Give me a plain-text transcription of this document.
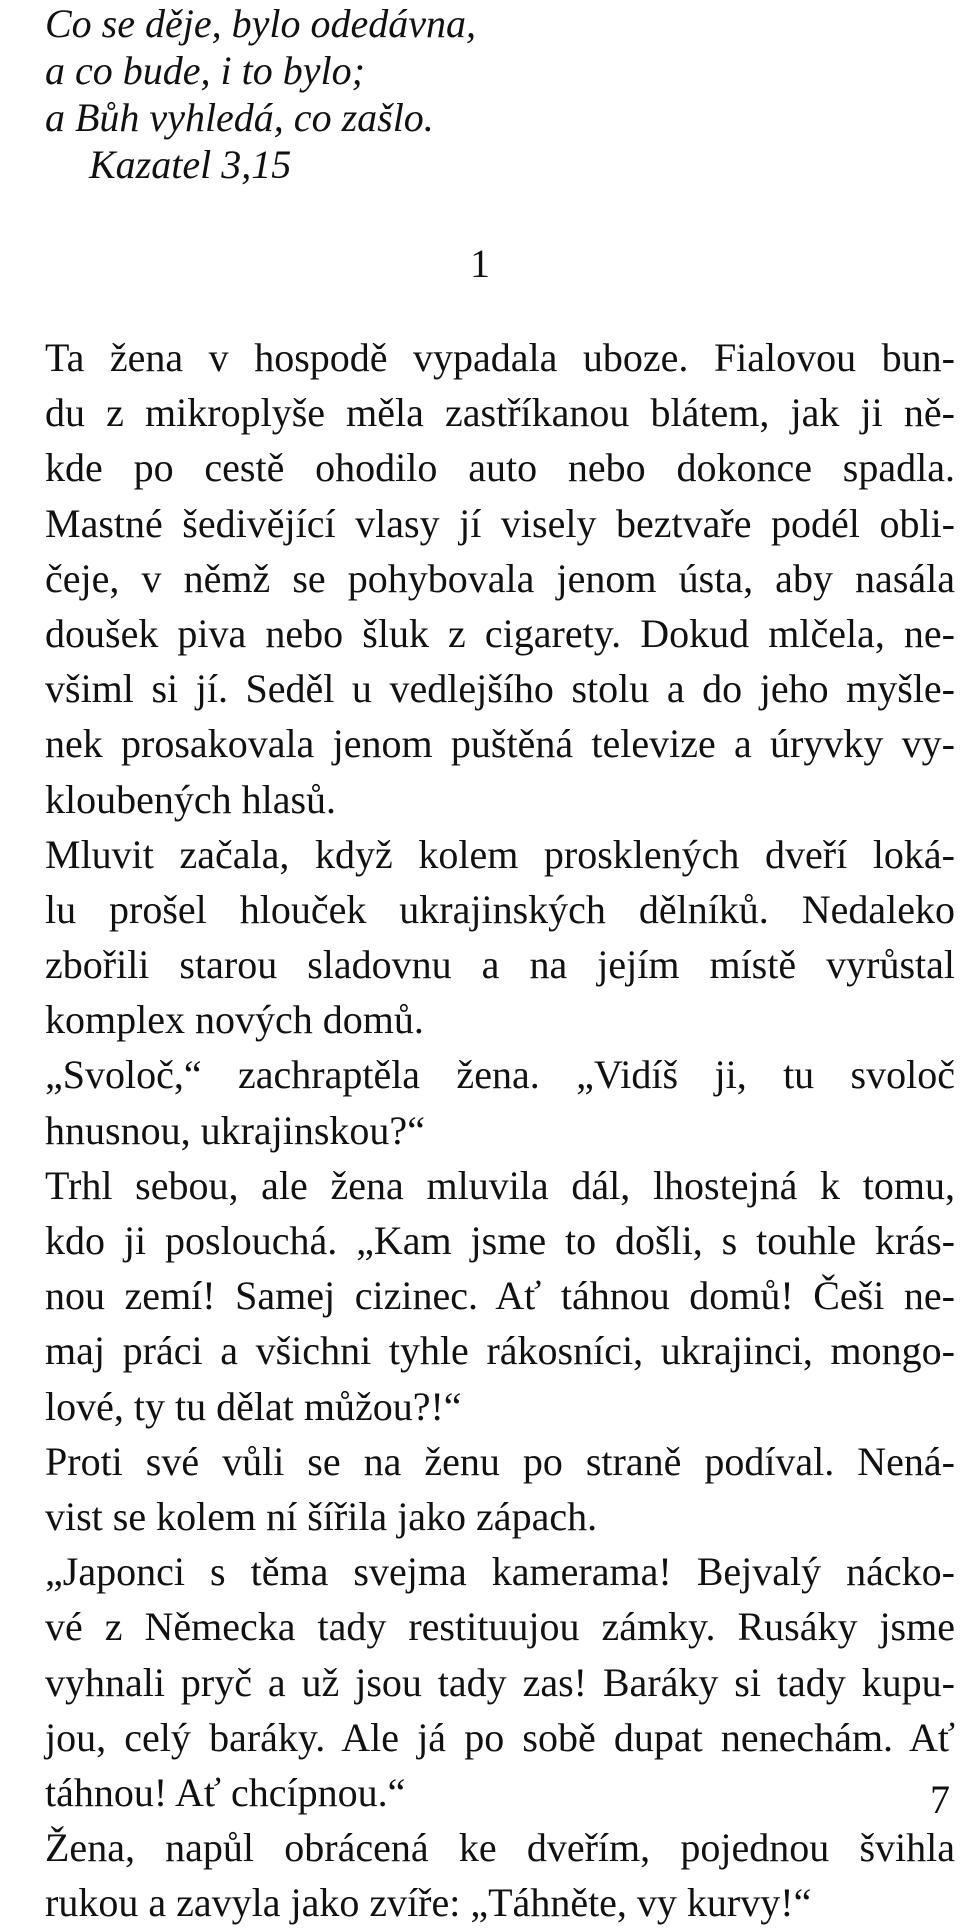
Co se děje, bylo odedávna,
a co bude, i to bylo;
a Bůh vyhledá, co zašlo.
Kazatel 3,15
1
Ta žena v hospodě vypadala uboze. Fialovou bun-
du z mikroplyše měla zastříkanou blátem, jak ji ně-
kde po cestě ohodilo auto nebo dokonce spadla.
Mastné šedivějící vlasy jí visely beztvaře podél obli-
čeje, v němž se pohybovala jenom ústa, aby nasála
doušek piva nebo šluk z cigarety. Dokud mlčela, ne-
všiml si jí. Seděl u vedlejšího stolu a do jeho myšle-
nek prosakovala jenom puštěná televize a úryvky vy-
kloubených hlasů.
Mluvit začala, když kolem prosklených dveří loká-
lu prošel hlouček ukrajinských dělníků. Nedaleko
zbořili starou sladovnu a na jejím místě vyrůstal
komplex nových domů.
„Svoloč,“ zachraptěla žena. „Vidíš ji, tu svoloč
hnusnou, ukrajinskou?“
Trhl sebou, ale žena mluvila dál, lhostejná k tomu,
kdo ji poslouchá. „Kam jsme to došli, s touhle krás-
nou zemí! Samej cizinec. Ať táhnou domů! Češi ne-
maj práci a všichni tyhle rákosníci, ukrajinci, mongo-
lové, ty tu dělat můžou?!“
Proti své vůli se na ženu po straně podíval. Nená-
vist se kolem ní šířila jako zápach.
„Japonci s těma svejma kamerama! Bejvalý nácko-
vé z Německa tady restituujou zámky. Rusáky jsme
vyhnali pryč a už jsou tady zas! Baráky si tady kupu-
jou, celý baráky. Ale já po sobě dupat nenechám. Ať
táhnou! Ať chcípnou.“
Žena, napůl obrácená ke dveřím, pojednou švihla
rukou a zavyla jako zvíře: „Táhněte, vy kurvy!“
7
